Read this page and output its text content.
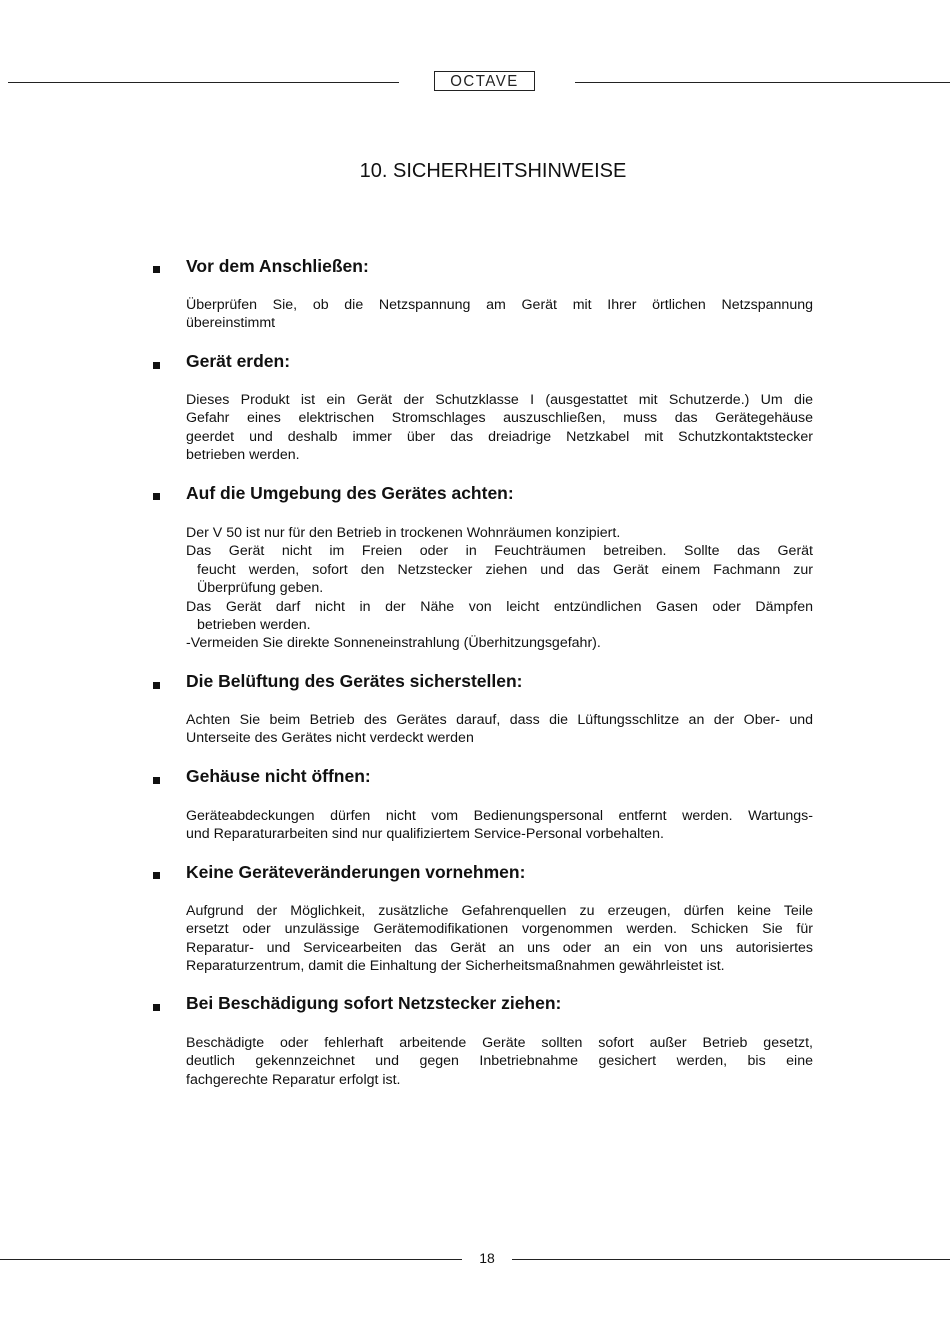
OCTAVE
10. SICHERHEITSHINWEISE
Vor dem Anschließen:
Überprüfen Sie, ob die Netzspannung am Gerät mit Ihrer örtlichen Netzspannung
übereinstimmt
Gerät erden:
Dieses Produkt ist ein Gerät der Schutzklasse I (ausgestattet mit Schutzerde.) Um die
Gefahr eines elektrischen Stromschlages auszuschließen, muss das Gerätegehäuse
geerdet und deshalb immer über das dreiadrige Netzkabel mit Schutzkontaktstecker
betrieben werden.
Auf die Umgebung des Gerätes achten:
Der V 50 ist nur für den Betrieb in trockenen Wohnräumen konzipiert.
Das Gerät nicht im Freien oder in Feuchträumen betreiben. Sollte das Gerät
feucht werden, sofort den Netzstecker ziehen und das Gerät einem Fachmann zur
Überprüfung geben.
Das Gerät darf nicht in der Nähe von leicht entzündlichen Gasen oder Dämpfen
betrieben werden.
-Vermeiden Sie direkte Sonneneinstrahlung (Überhitzungsgefahr).
Die Belüftung des Gerätes sicherstellen:
Achten Sie beim Betrieb des Gerätes darauf, dass die Lüftungsschlitze an der Ober- und
Unterseite des Gerätes nicht verdeckt werden
Gehäuse nicht öffnen:
Geräteabdeckungen dürfen nicht vom Bedienungspersonal entfernt werden. Wartungs-
und Reparaturarbeiten sind nur qualifiziertem Service-Personal vorbehalten.
Keine Geräteveränderungen vornehmen:
Aufgrund der Möglichkeit, zusätzliche Gefahrenquellen zu erzeugen, dürfen keine Teile
ersetzt oder unzulässige Gerätemodifikationen vorgenommen werden. Schicken Sie für
Reparatur- und Servicearbeiten das Gerät an uns oder an ein von uns autorisiertes
Reparaturzentrum, damit die Einhaltung der Sicherheitsmaßnahmen gewährleistet ist.
Bei Beschädigung sofort Netzstecker ziehen:
Beschädigte oder fehlerhaft arbeitende Geräte sollten sofort außer Betrieb gesetzt,
deutlich gekennzeichnet und gegen Inbetriebnahme gesichert werden, bis eine
fachgerechte Reparatur erfolgt ist.
18
